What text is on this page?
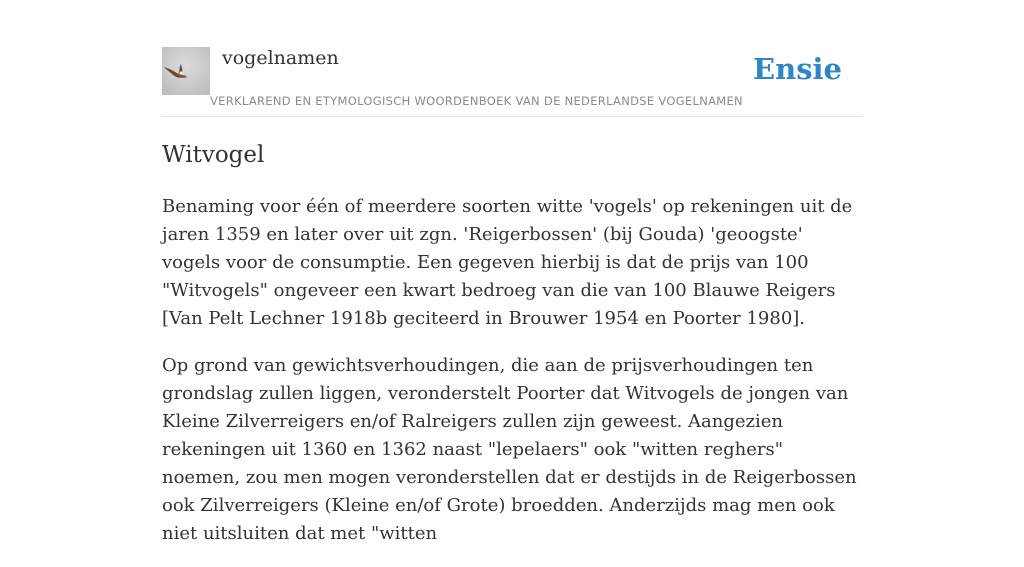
vogelnamen
VERKLAREND EN ETYMOLOGISCH WOORDENBOEK VAN DE NEDERLANDSE VOGELNAMEN
Ensie
Witvogel

Benaming voor één of meerdere soorten witte 'vogels' op rekeningen uit de jaren 1359 en later over uit zgn. 'Reigerbossen' (bij Gouda) 'geoogste' vogels voor de consumptie. Een gegeven hierbij is dat de prijs van 100 "Witvogels" ongeveer een kwart bedroeg van die van 100 Blauwe Reigers [Van Pelt Lechner 1918b geciteerd in Brouwer 1954 en Poorter 1980].

Op grond van gewichtsverhoudingen, die aan de prijsverhoudingen ten grondslag zullen liggen, veronderstelt Poorter dat Witvogels de jongen van Kleine Zilverreigers en/of Ralreigers zullen zijn geweest. Aangezien rekeningen uit 1360 en 1362 naast "lepelaers" ook "witten reghers" noemen, zou men mogen veronderstellen dat er destijds in de Reigerbossen ook Zilverreigers (Kleine en/of Grote) broedden. Anderzijds mag men ook niet uitsluiten dat met "witten
